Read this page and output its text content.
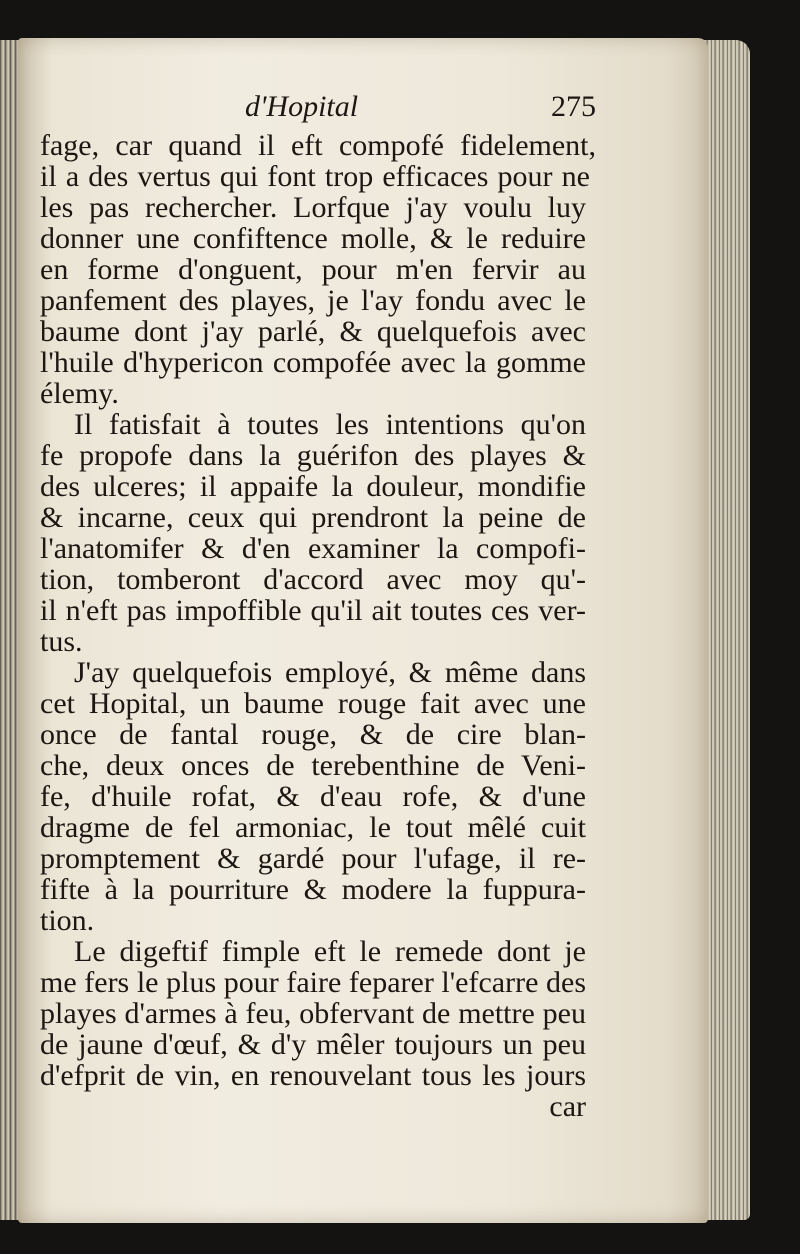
d'Hopital	275
fage, car quand il eft compofé fidelement,
il a des vertus qui font trop efficaces pour ne
les pas rechercher. Lorfque j'ay voulu luy
donner une confiftence molle, & le reduire
en forme d'onguent, pour m'en fervir au
panfement des playes, je l'ay fondu avec le
baume dont j'ay parlé, & quelquefois avec
l'huile d'hypericon compofée avec la gomme
élemy.
Il fatisfait à toutes les intentions qu'on
fe propofe dans la guérifon des playes &
des ulceres; il appaife la douleur, mondifie
& incarne, ceux qui prendront la peine de
l'anatomifer & d'en examiner la compofi-
tion, tomberont d'accord avec moy qu'-
il n'eft pas impoffible qu'il ait toutes ces ver-
tus.
J'ay quelquefois employé, & même dans
cet Hopital, un baume rouge fait avec une
once de fantal rouge, & de cire blan-
che, deux onces de terebenthine de Veni-
fe, d'huile rofat, & d'eau rofe, & d'une
dragme de fel armoniac, le tout mêlé cuit
promptement & gardé pour l'ufage, il re-
fifte à la pourriture & modere la fuppura-
tion.
Le digeftif fimple eft le remede dont je
me fers le plus pour faire feparer l'efcarre des
playes d'armes à feu, obfervant de mettre peu
de jaune d'œuf, & d'y mêler toujours un peu
d'efprit de vin, en renouvelant tous les jours
car
